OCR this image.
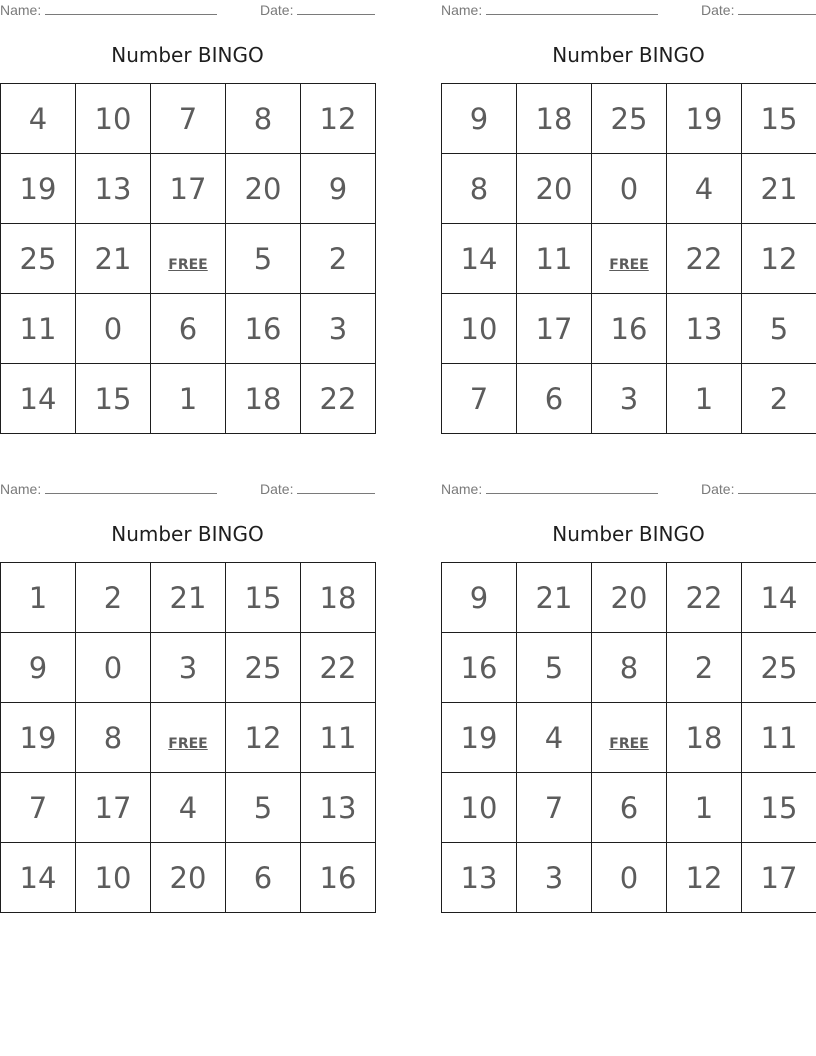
Name:	Date:
Number BINGO
4	10	7	8	12
19	13	17	20	9
25	21	FREE	5	2
11	0	6	16	3
14	15	1	18	22
Name:	Date:
Number BINGO
9	18	25	19	15
8	20	0	4	21
14	11	FREE	22	12
10	17	16	13	5
7	6	3	1	2
Name:	Date:
Number BINGO
1	2	21	15	18
9	0	3	25	22
19	8	FREE	12	11
7	17	4	5	13
14	10	20	6	16
Name:	Date:
Number BINGO
9	21	20	22	14
16	5	8	2	25
19	4	FREE	18	11
10	7	6	1	15
13	3	0	12	17
